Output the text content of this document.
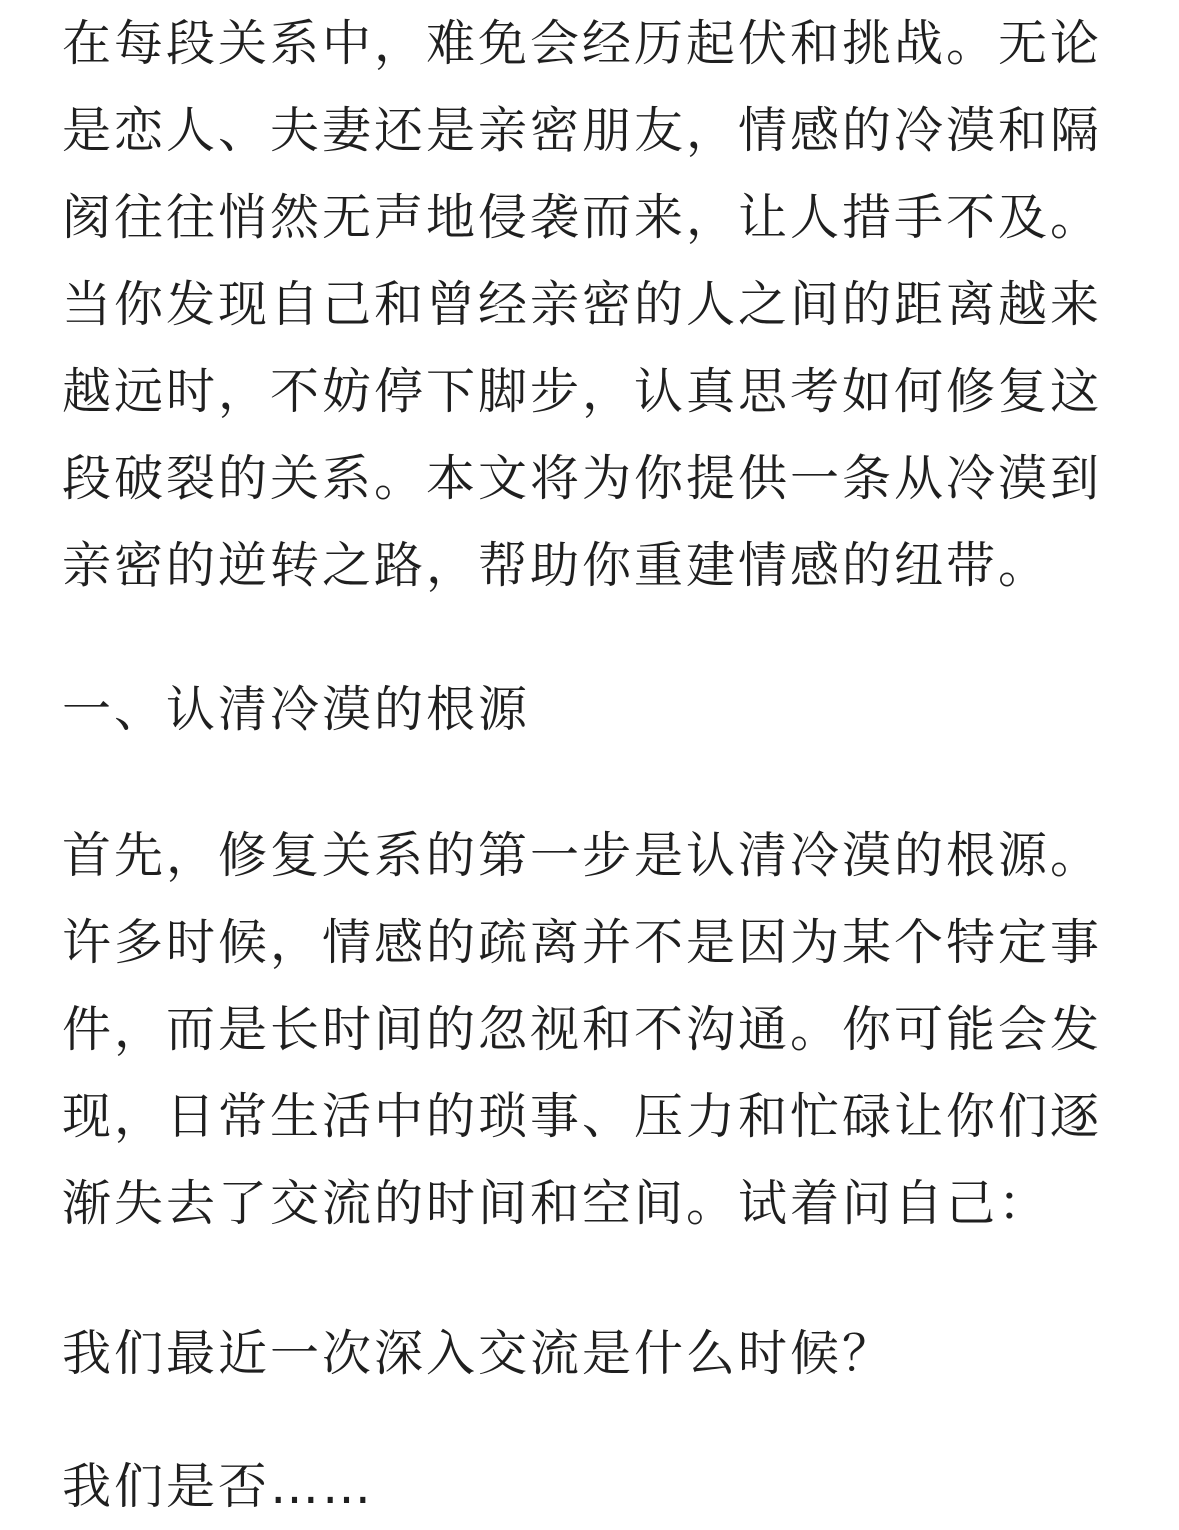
在每段关系中，难免会经历起伏和挑战。无论是恋人、夫妻还是亲密朋友，情感的冷漠和隔阂往往悄然无声地侵袭而来，让人措手不及。当你发现自己和曾经亲密的人之间的距离越来越远时，不妨停下脚步，认真思考如何修复这段破裂的关系。本文将为你提供一条从冷漠到亲密的逆转之路，帮助你重建情感的纽带。

一、认清冷漠的根源

首先，修复关系的第一步是认清冷漠的根源。许多时候，情感的疏离并不是因为某个特定事件，而是长时间的忽视和不沟通。你可能会发现，日常生活中的琐事、压力和忙碌让你们逐渐失去了交流的时间和空间。试着问自己：

我们最近一次深入交流是什么时候？

我们是否……
